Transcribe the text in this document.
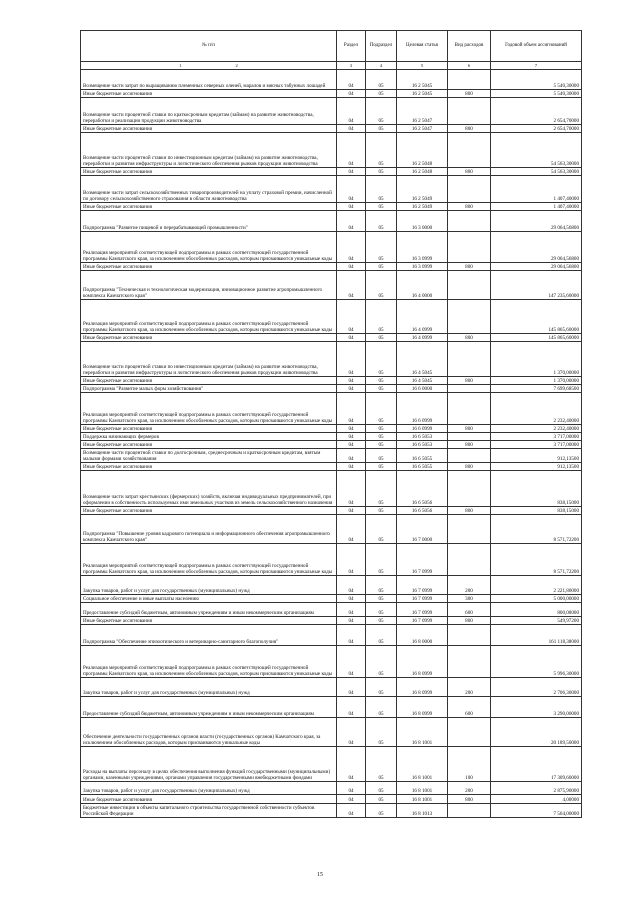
№ п/п	Раздел	Подраздел	Целевая статья	Вид расходов	Годовой объем ассигнований
1 2	3	4	5	6	7
Возмещение части затрат по выращиванию племенных северных оленей, маралов и мясных табунных лошадей	04	05	16 2 5045		5 540,30000
Иные бюджетные ассигнования	04	05	16 2 5045	800	5 540,30000
Возмещение части процентной ставки по краткосрочным кредитам (займам) на развитие животноводства, переработки и реализации продукции животноводства	04	05	16 2 5047		2 654,70000
Иные бюджетные ассигнования	04	05	16 2 5047	800	2 654,70000
Возмещение части процентной ставки по инвестиционным кредитам (займам) на развитие животноводства, переработки и развития инфраструктуры и логистического обеспечения рынков продукции животноводства	04	05	16 2 5048		54 563,30000
Иные бюджетные ассигнования	04	05	16 2 5048	800	54 563,30000
Возмещение части затрат сельскохозяйственных товаропроизводителей на уплату страховой премии, начисленной по договору сельскохозяйственного страхования в области животноводства	04	05	16 2 5049		1 407,40000
Иные бюджетные ассигнования	04	05	16 2 5049	800	1 407,40000
Подпрограмма "Развитие пищевой и перерабатывающей промышленности"	04	05	16 3 0000		29 064,56800
Реализация мероприятий соответствующей подпрограммы в рамках соответствующей государственной программы Камчатского края, за исключением обособленных расходов, которым присваиваются уникальные коды	04	05	16 3 0999		29 064,56800
Иные бюджетные ассигнования	04	05	16 3 0999	800	29 064,56800
Подпрограмма "Техническая и технологическая модернизация, инновационное развитие агропромышленного комплекса Камчатского края"	04	05	16 4 0000		147 235,60000
Реализация мероприятий соответствующей подпрограммы в рамках соответствующей государственной программы Камчатского края, за исключением обособленных расходов, которым присваиваются уникальные коды	04	05	16 4 0999		145 865,60000
Иные бюджетные ассигнования	04	05	16 4 0999	800	145 865,60000
Возмещение части процентной ставки по инвестиционным кредитам (займам) на развитие животноводства, переработки и развития инфраструктуры и логистического обеспечения рынков продукции животноводства	04	05	16 4 5045		1 370,00000
Иные бюджетные ассигнования	04	05	16 4 5045	800	1 370,00000
Подпрограмма "Развитие малых форм хозяйствования"	04	05	16 6 0000		7 699,68500
Реализация мероприятий соответствующей подпрограммы в рамках соответствующей государственной программы Камчатского края, за исключением обособленных расходов, которым присваиваются уникальные коды	04	05	16 6 0999		2 232,40000
Иные бюджетные ассигнования	04	05	16 6 0999	800	2 232,40000
Поддержка начинающих фермеров	04	05	16 6 5053		3 717,00000
Иные бюджетные ассигнования	04	05	16 6 5053	800	3 717,00000
Возмещение части процентной ставки по долгосрочным, среднесрочным и краткосрочным кредитам, взятым малыми формами хозяйствования	04	05	16 6 5055		912,13500
Иные бюджетные ассигнования	04	05	16 6 5055	800	912,13500
Возмещение части затрат крестьянских (фермерских) хозяйств, включая индивидуальных предпринимателей, при оформлении в собственность используемых ими земельных участков из земель сельскохозяйственного назначения	04	05	16 6 5056		838,15000
Иные бюджетные ассигнования	04	05	16 6 5056	800	838,15000
Подпрограмма "Повышение уровня кадрового потенциала и информационного обеспечения агропромышленного комплекса Камчатского края"	04	05	16 7 0000		8 571,72200
Реализация мероприятий соответствующей подпрограммы в рамках соответствующей государственной программы Камчатского края, за исключением обособленных расходов, которым присваиваются уникальные коды	04	05	16 7 0999		8 571,72200
Закупка товаров, работ и услуг для государственных (муниципальных) нужд	04	05	16 7 0999	200	2 221,80000
Социальное обеспечение и иные выплаты населению	04	05	16 7 0999	300	5 000,00000
Предоставление субсидий бюджетным, автономным учреждениям и иным некоммерческим организациям	04	05	16 7 0999	600	800,00000
Иные бюджетные ассигнования	04	05	16 7 0999	800	549,97200
Подпрограмма "Обеспечение эпизоотического и ветеринарно-санитарного благополучия"	04	05	16 8 0000		161 118,38000
Реализация мероприятий соответствующей подпрограммы в рамках соответствующей государственной программы Камчатского края, за исключением обособленных расходов, которым присваиваются уникальные коды	04	05	16 8 0999		5 996,30000
Закупка товаров, работ и услуг для государственных (муниципальных) нужд	04	05	16 8 0999	200	2 706,30000
Предоставление субсидий бюджетным, автономным учреждениям и иным некоммерческим организациям	04	05	16 8 0999	600	3 290,00000
Обеспечение деятельности государственных органов власти (государственных органов) Камчатского края, за исключением обособленных расходов, которым присваиваются уникальные коды	04	05	16 8 1001		20 189,50000
Расходы на выплаты персоналу в целях обеспечения выполнения функций государственными (муниципальными) органами, казенными учреждениями, органами управления государственными внебюджетными фондами	04	05	16 8 1001	100	17 309,60000
Закупка товаров, работ и услуг для государственных (муниципальных) нужд	04	05	16 8 1001	200	2 875,90000
Иные бюджетные ассигнования	04	05	16 8 1001	800	4,00000
Бюджетные инвестиции в объекты капитального строительства государственной собственности субъектов Российской Федерации	04	05	16 8 1013		7 564,00000
15
